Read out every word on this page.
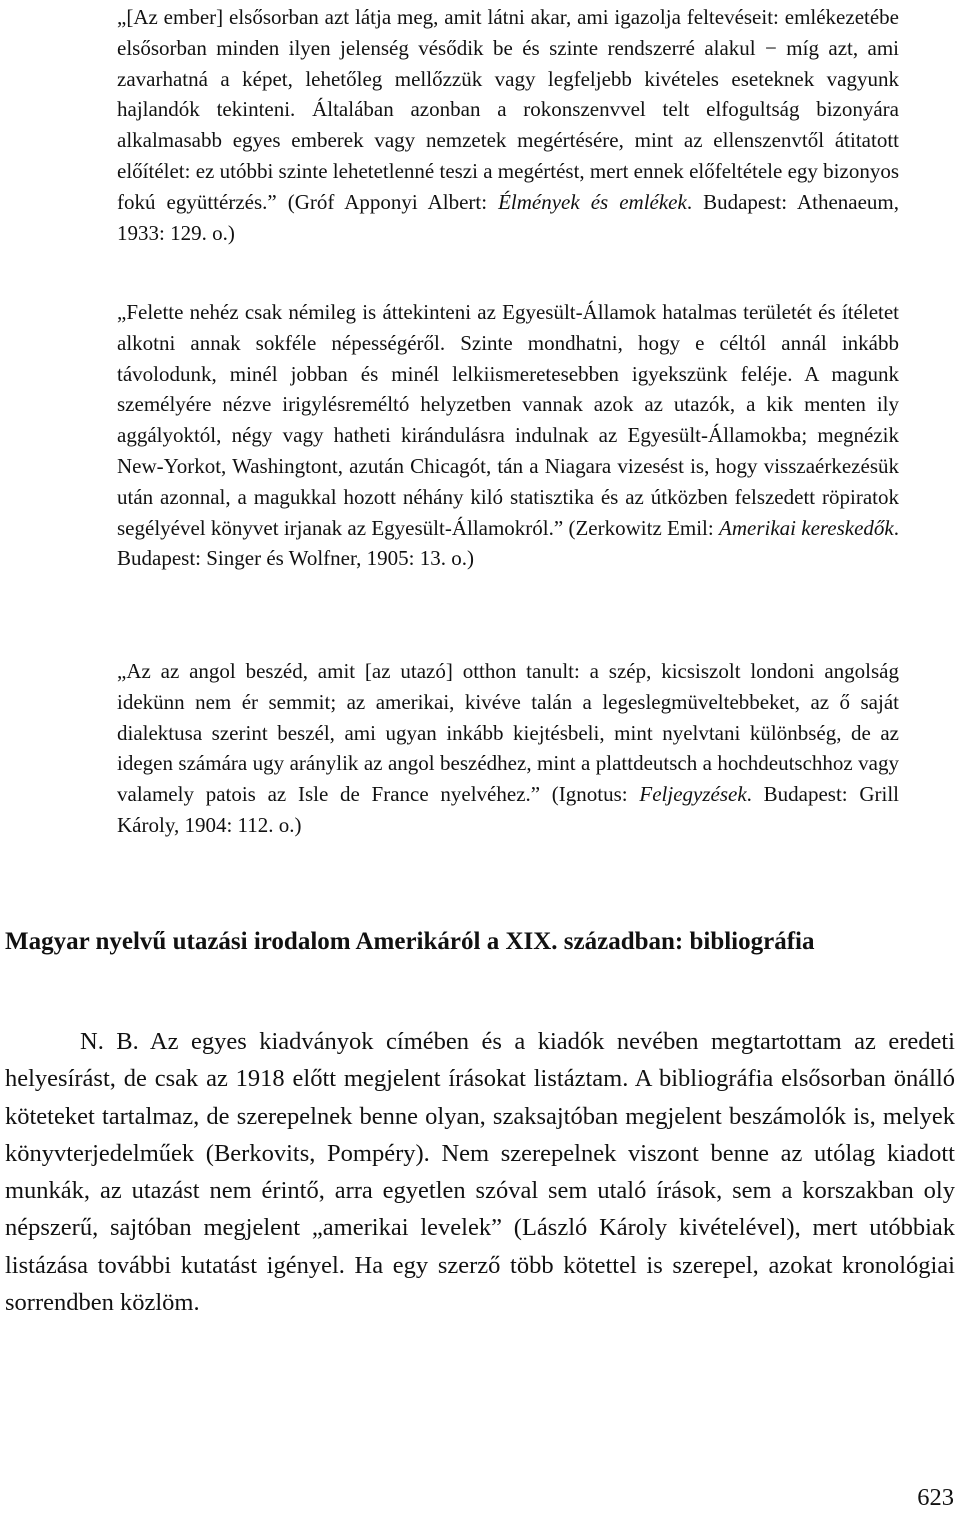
„[Az ember] elsősorban azt látja meg, amit látni akar, ami igazolja feltevéseit: emlékezetébe elsősorban minden ilyen jelenség vésődik be és szinte rendszerré alakul − míg azt, ami zavarhatná a képet, lehetőleg mellőzzük vagy legfeljebb kivételes eseteknek vagyunk hajlandók tekinteni. Általában azonban a rokonszenvvel telt elfogultság bizonyára alkalmasabb egyes emberek vagy nemzetek megértésére, mint az ellenszenvtől átitatott előítélet: ez utóbbi szinte lehetetlenné teszi a megértést, mert ennek előfeltétele egy bizonyos fokú együttérzés.” (Gróf Apponyi Albert: Élmények és emlékek. Budapest: Athenaeum, 1933: 129. o.)

„Felette nehéz csak némileg is áttekinteni az Egyesült-Államok hatalmas területét és ítéletet alkotni annak sokféle népességéről. Szinte mondhatni, hogy e céltól annál inkább távolodunk, minél jobban és minél lelkiismeretesebben igyekszünk feléje. A magunk személyére nézve irigylésreméltó helyzetben vannak azok az utazók, a kik menten ily aggályoktól, négy vagy hatheti kirándulásra indulnak az Egyesült-Államokba; megnézik New-Yorkot, Washingtont, azután Chicagót, tán a Niagara vizesést is, hogy visszaérkezésük után azonnal, a magukkal hozott néhány kiló statisztika és az útközben felszedett röpiratok segélyével könyvet irjanak az Egyesült-Államokról.” (Zerkowitz Emil: Amerikai kereskedők. Budapest: Singer és Wolfner, 1905: 13. o.)

„Az az angol beszéd, amit [az utazó] otthon tanult: a szép, kicsiszolt londoni angolság idekünn nem ér semmit; az amerikai, kivéve talán a legeslegmüveltebbeket, az ő saját dialektusa szerint beszél, ami ugyan inkább kiejtésbeli, mint nyelvtani különbség, de az idegen számára ugy aránylik az angol beszédhez, mint a plattdeutsch a hochdeutschhoz vagy valamely patois az Isle de France nyelvéhez.” (Ignotus: Feljegyzések. Budapest: Grill Károly, 1904: 112. o.)

Magyar nyelvű utazási irodalom Amerikáról a XIX. században: bibliográfia

N. B. Az egyes kiadványok címében és a kiadók nevében megtartottam az eredeti helyesírást, de csak az 1918 előtt megjelent írásokat listáztam. A bibliográfia elsősorban önálló köteteket tartalmaz, de szerepelnek benne olyan, szaksajtóban megjelent beszámolók is, melyek könyvterjedelműek (Berkovits, Pompéry). Nem szerepelnek viszont benne az utólag kiadott munkák, az utazást nem érintő, arra egyetlen szóval sem utaló írások, sem a korszakban oly népszerű, sajtóban megjelent „amerikai levelek” (László Károly kivételével), mert utóbbiak listázása további kutatást igényel. Ha egy szerző több kötettel is szerepel, azokat kronológiai sorrendben közlöm.

623
